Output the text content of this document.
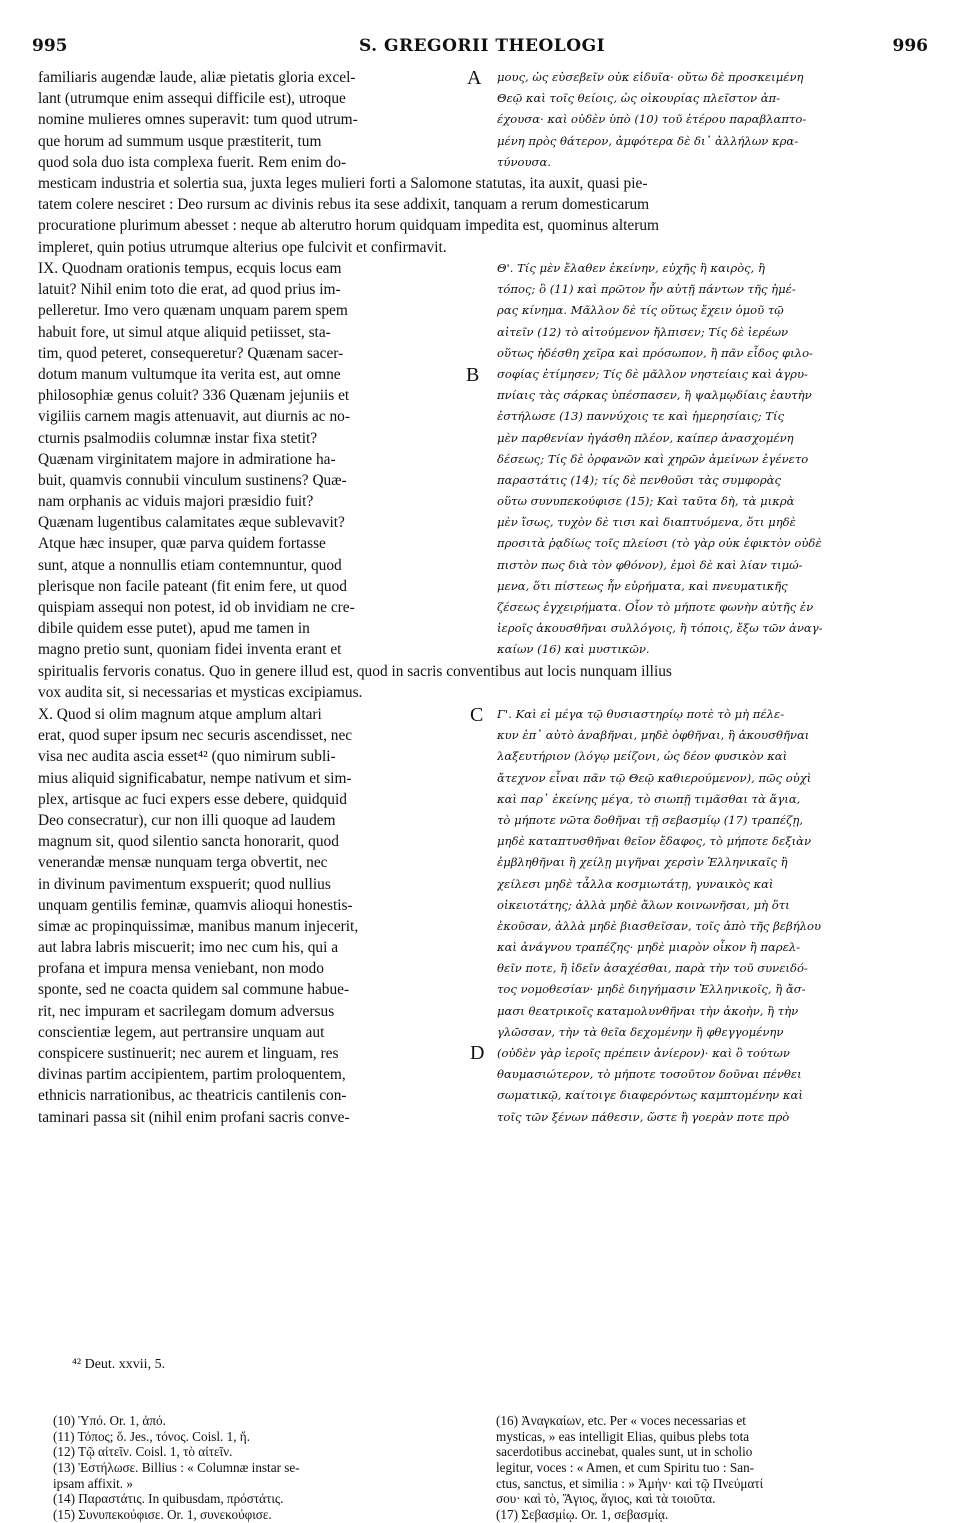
995	S. GREGORII THEOLOGI	996
familiaris augendæ laude, aliæ pietatis gloria excel-
lant (utrumque enim assequi difficile est), utroque
nomine mulieres omnes superavit: tum quod utrum-
que horum ad summum usque præstiterit, tum
quod sola duo ista complexa fuerit. Rem enim do-
μους, ὡς εὐσεβεῖν οὐκ εἰδυῖα· οὔτω δὲ προσκειμένη
Θεῷ καὶ τοῖς θείοις, ὡς οἰκουρίας πλεῖστον ἀπ-
έχουσα· καὶ οὐδὲν ὑπὸ (10) τοῦ ἑτέρου παραβλαπτο-
μένη πρὸς θάτερον, ἀμφότερα δὲ δι᾽ ἀλλήλων κρα-
τύνουσα.
mesticam industria et solertia sua, juxta leges mulieri forti a Salomone statutas, ita auxit, quasi pie-
tatem colere nesciret : Deo rursum ac divinis rebus ita sese addixit, tanquam a rerum domesticarum
procuratione plurimum abesset : neque ab alterutro horum quidquam impedita est, quominus alterum
impleret, quin potius utrumque alterius ope fulcivit et confirmavit.
IX. Quodnam orationis tempus, ecquis locus eam
latuit? Nihil enim toto die erat, ad quod prius im-
pelleretur. Imo vero quænam unquam parem spem
habuit fore, ut simul atque aliquid petiisset, sta-
tim, quod peteret, consequeretur? Quænam sacer-
dotum manum vultumque ita verita est, aut omne
philosophiæ genus coluit? 336 Quænam jejuniis et
vigiliis carnem magis attenuavit, aut diurnis ac no-
cturnis psalmodiis columnæ instar fixa stetit?
Quænam virginitatem majore in admiratione ha-
buit, quamvis connubii vinculum sustinens? Quæ-
nam orphanis ac viduis majori præsidio fuit?
Quænam lugentibus calamitates æque sublevavit?
Atque hæc insuper, quæ parva quidem fortasse
sunt, atque a nonnullis etiam contemnuntur, quod
plerisque non facile pateant (fit enim fere, ut quod
quispiam assequi non potest, id ob invidiam ne cre-
dibile quidem esse putet), apud me tamen in
magno pretio sunt, quoniam fidei inventa erant et
Θ'. Τίς μὲν ἔλαθεν ἐκείνην, εὐχῆς ἢ καιρὸς, ἢ
τόπος; ὃ (11) καὶ πρῶτον ἦν αὐτῇ πάντων τῆς ἡμέ-
ρας κίνημα. Μᾶλλον δὲ τίς οὕτως ἔχειν ὁμοῦ τῷ
αἰτεῖν (12) τὸ αἰτούμενον ἤλπισεν; Τίς δὲ ἱερέων
οὕτως ἠδέσθη χεῖρα καὶ πρόσωπον, ἢ πᾶν εἶδος φιλο-
σοφίας ἐτίμησεν; Τίς δὲ μᾶλλον νηστείαις καὶ ἀγρυ-
πνίαις τὰς σάρκας ὑπέσπασεν, ἢ ψαλμῳδίαις ἑαυτὴν
ἐστήλωσε (13) παννύχοις τε καὶ ἡμερησίαις; Τίς
μὲν παρθενίαν ἠγάσθη πλέον, καίπερ ἀνασχομένη
δέσεως; Τίς δὲ ὀρφανῶν καὶ χηρῶν ἀμείνων ἐγένετο
παραστάτις (14); τίς δὲ πενθοῦσι τὰς συμφορὰς
οὕτω συνυπεκούφισε (15); Καὶ ταῦτα δὴ, τὰ μικρὰ
μὲν ἴσως, τυχὸν δὲ τισι καὶ διαπτυόμενα, ὅτι μηδὲ
προσιτὰ ῥᾳδίως τοῖς πλείοσι (τὸ γὰρ οὐκ ἐφικτὸν οὐδὲ
πιστὸν πως διὰ τὸν φθόνον), ἐμοὶ δὲ καὶ λίαν τιμώ-
μενα, ὅτι πίστεως ἦν εὑρήματα, καὶ πνευματικῆς
ζέσεως ἐγχειρήματα. Οἷον τὸ μήποτε φωνὴν αὐτῆς ἐν
ἱεροῖς ἀκουσθῆναι συλλόγοις, ἢ τόποις, ἔξω τῶν ἀναγ-
καίων (16) καὶ μυστικῶν.
spiritualis fervoris conatus. Quo in genere illud est, quod in sacris conventibus aut locis nunquam illius
vox audita sit, si necessarias et mysticas excipiamus.
X. Quod si olim magnum atque amplum altari
erat, quod super ipsum nec securis ascendisset, nec
visa nec audita ascia esset⁴² (quo nimirum subli-
mius aliquid significabatur, nempe nativum et sim-
plex, artisque ac fuci expers esse debere, quidquid
Deo consecratur), cur non illi quoque ad laudem
magnum sit, quod silentio sancta honorarit, quod
venerandæ mensæ nunquam terga obvertit, nec
in divinum pavimentum exspuerit; quod nullius
unquam gentilis feminæ, quamvis alioqui honestis-
simæ ac propinquissimæ, manibus manum injecerit,
aut labra labris miscuerit; imo nec cum his, qui a
profana et impura mensa veniebant, non modo
sponte, sed ne coacta quidem sal commune habue-
rit, nec impuram et sacrilegam domum adversus
conscientiæ legem, aut pertransire unquam aut
conspicere sustinuerit; nec aurem et linguam, res
divinas partim accipientem, partim proloquentem,
ethnicis narrationibus, ac theatricis cantilenis con-
taminari passa sit (nihil enim profani sacris conve-
Γ'. Καὶ εἰ μέγα τῷ θυσιαστηρίῳ ποτὲ τὸ μὴ πέλε-
κυν ἐπ᾽ αὐτὸ ἀναβῆναι, μηδὲ ὀφθῆναι, ἢ ἀκουσθῆναι
λαξευτήριον (λόγῳ μείζονι, ὡς δέον φυσικὸν καὶ
ἄτεχνον εἶναι πᾶν τῷ Θεῷ καθιερούμενον), πῶς οὐχὶ
καὶ παρ᾽ ἐκείνης μέγα, τὸ σιωπῇ τιμᾶσθαι τὰ ἅγια,
τὸ μήποτε νῶτα δοθῆναι τῇ σεβασμίῳ (17) τραπέζῃ,
μηδὲ καταπτυσθῆναι θεῖον ἔδαφος, τὸ μήποτε δεξιὰν
ἐμβληθῆναι ἢ χείλῃ μιγῆναι χερσὶν Ἑλληνικαῖς ἢ
χείλεσι μηδὲ τἆλλα κοσμιωτάτῃ, γυναικὸς καὶ
οἰκειοτάτης; ἀλλὰ μηδὲ ἄλων κοινωνῆσαι, μὴ ὅτι
ἑκοῦσαν, ἀλλὰ μηδὲ βιασθεῖσαν, τοῖς ἀπὸ τῆς βεβήλου
καὶ ἀνάγνου τραπέζης· μηδὲ μιαρὸν οἶκον ἢ παρελ-
θεῖν ποτε, ἢ ἰδεῖν ἀσαχέσθαι, παρὰ τὴν τοῦ συνειδό-
τος νομοθεσίαν· μηδὲ διηγήμασιν Ἑλληνικοῖς, ἢ ἄσ-
μασι θεατρικοῖς καταμολυνθῆναι τὴν ἀκοὴν, ἢ τὴν
γλῶσσαν, τὴν τὰ θεῖα δεχομένην ἢ φθεγγομένην
(οὐδὲν γὰρ ἱεροῖς πρέπειν ἀνίερον)· καὶ ὃ τούτων
θαυμασιώτερον, τὸ μήποτε τοσοῦτον δοῦναι πένθει
σωματικῷ, καίτοιγε διαφερόντως καμπτομένην καὶ
τοῖς τῶν ξένων πάθεσιν, ὥστε ἢ γοερὰν ποτε πρὸ
A
B
C
D
⁴² Deut. xxvii, 5.
(10) Ὑπό. Or. 1, ἀπό.
(11) Τόπος; ὅ. Jes., τόνος. Coisl. 1, ἤ.
(12) Τῷ αἰτεῖν. Coisl. 1, τὸ αἰτεῖν.
(13) Ἐστήλωσε. Billius : « Columnæ instar se-
ipsam affixit. »
(14) Παραστάτις. In quibusdam, πρόστάτις.
(15) Συνυπεκούφισε. Or. 1, συνεκούφισε.
(16) Ἀναγκαίων, etc. Per « voces necessarias et
mysticas, » eas intelligit Elias, quibus plebs tota
sacerdotibus accinebat, quales sunt, ut in scholio
legitur, voces : « Amen, et cum Spiritu tuo : San-
ctus, sanctus, et similia : » Ἀμήν· καὶ τῷ Πνεύματί
σου· καὶ τὸ, Ἅγιος, ἅγιος, καὶ τὰ τοιοῦτα.
(17) Σεβασμίῳ. Or. 1, σεβασμίᾳ.
